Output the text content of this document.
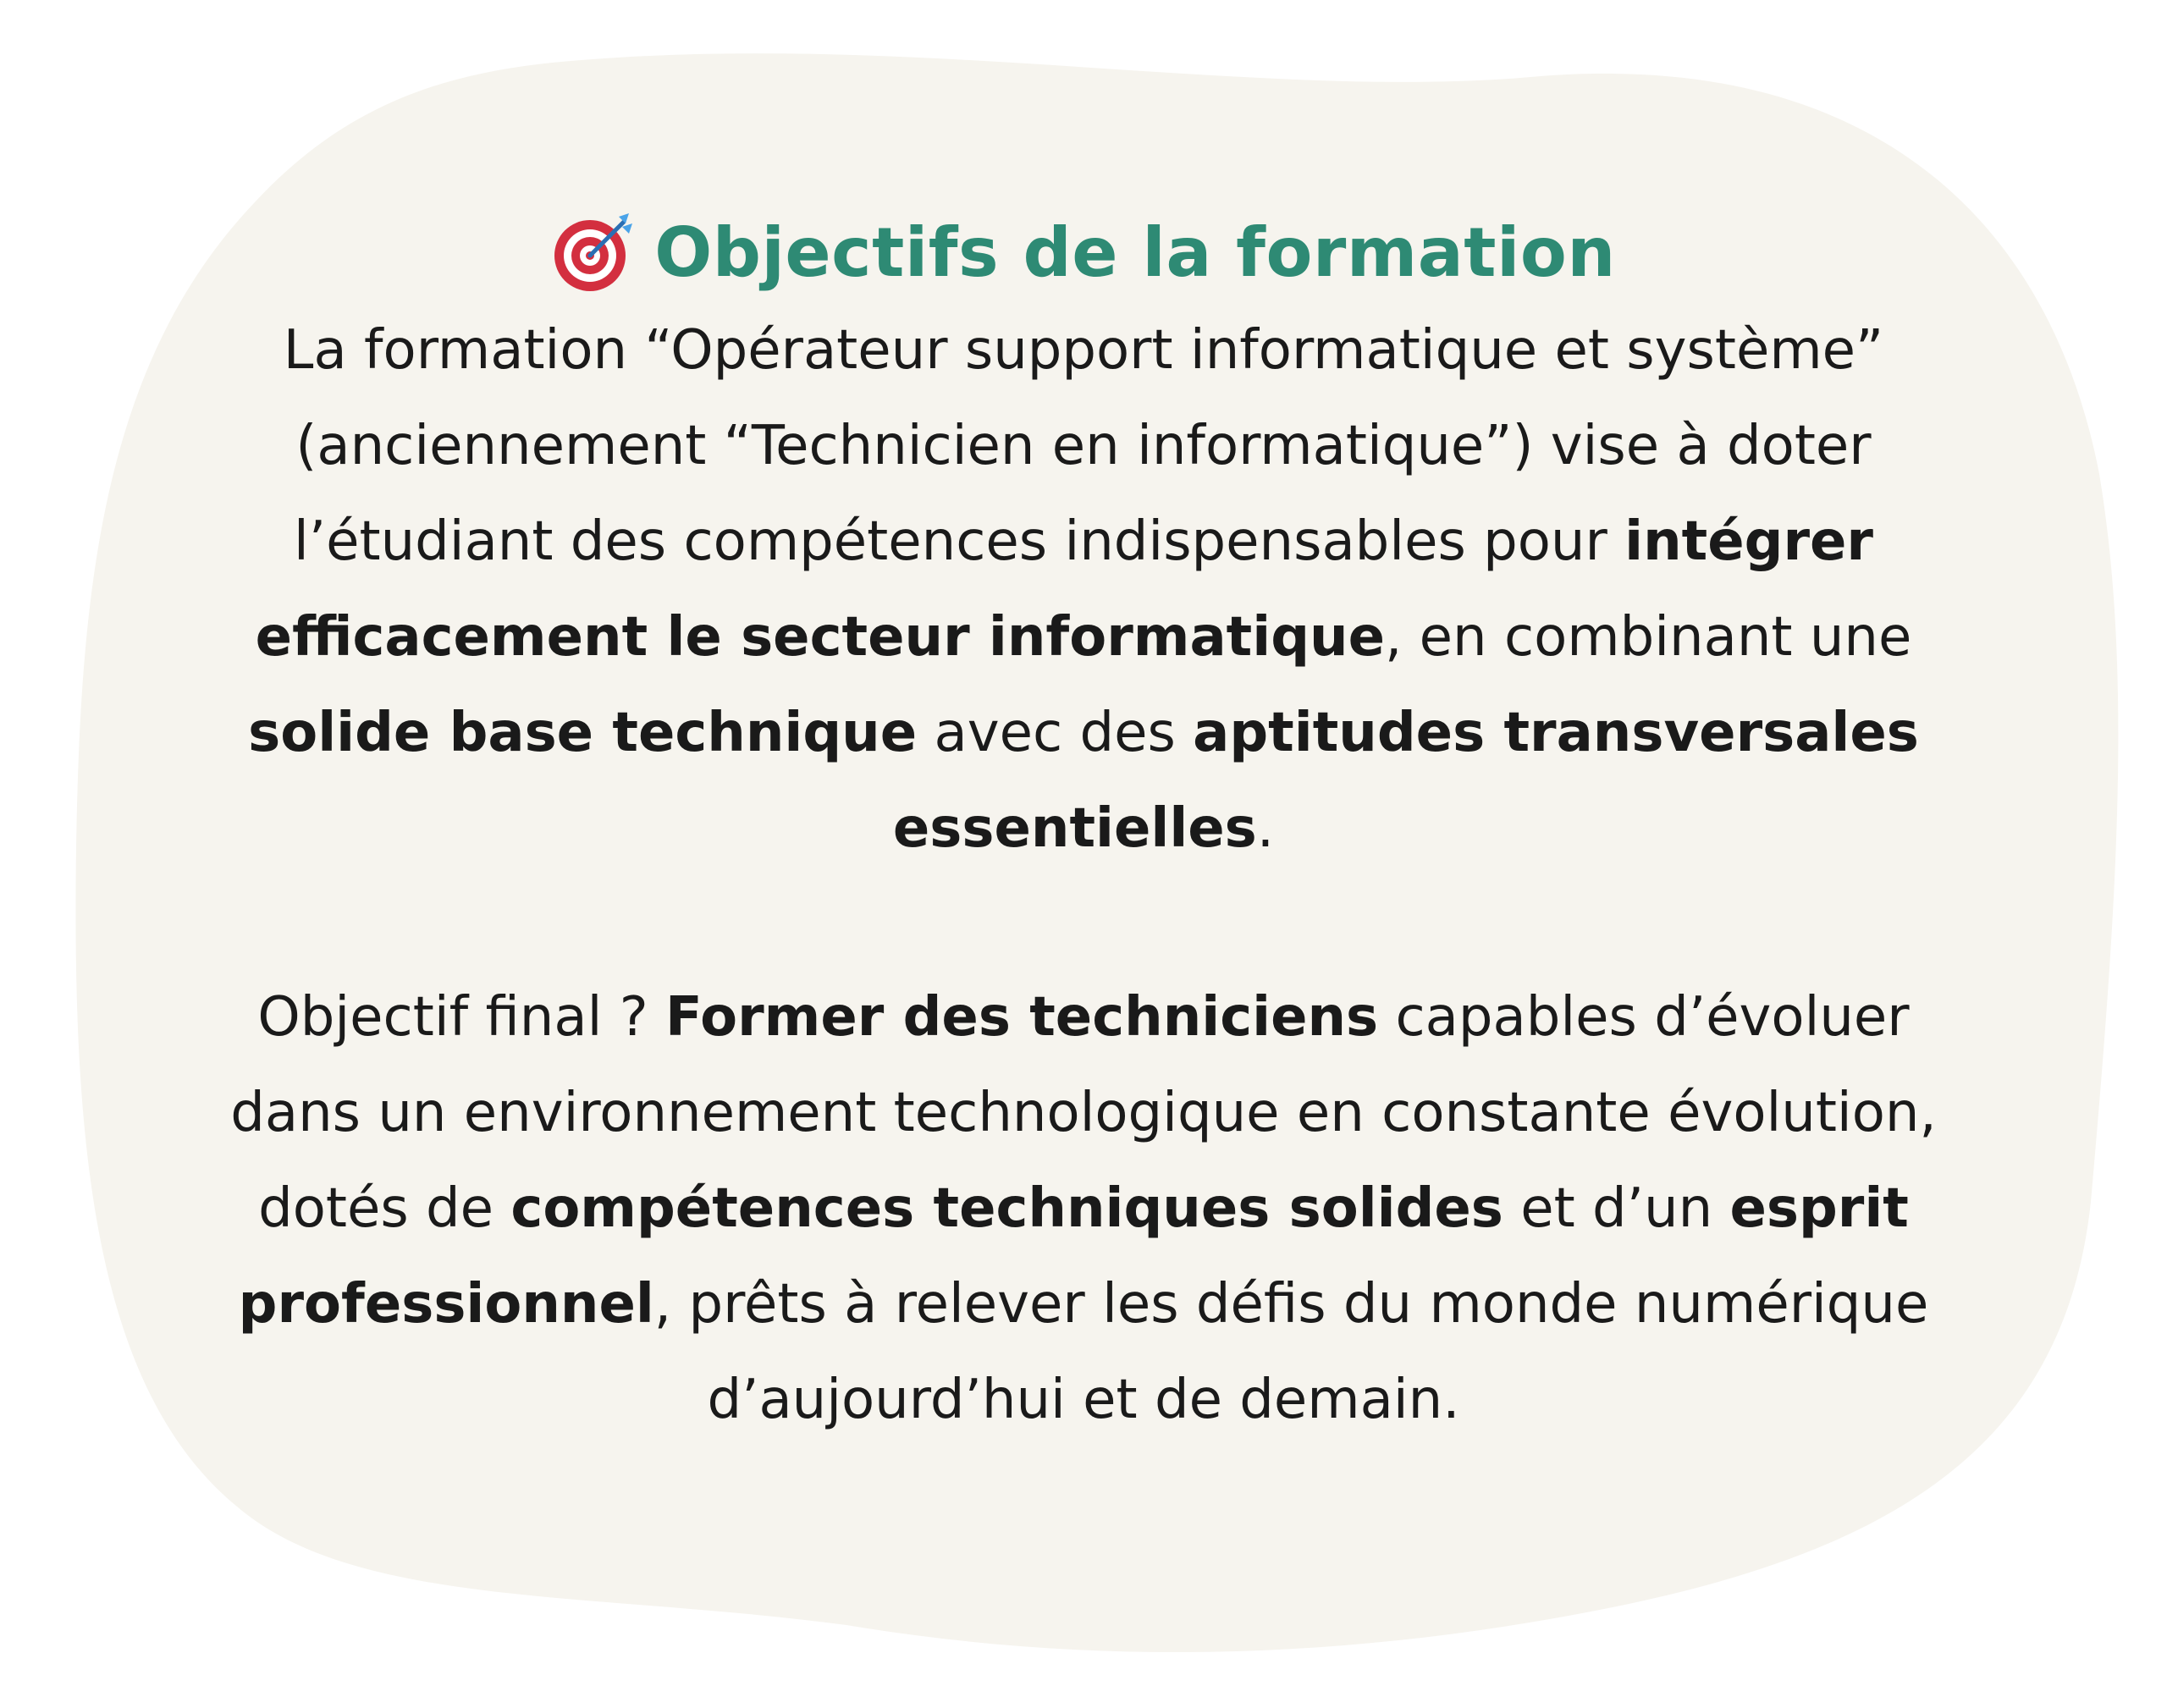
Objectifs de la formation

La formation “Opérateur support informatique et système” (anciennement “Technicien en informatique”) vise à doter l’étudiant des compétences indispensables pour intégrer efficacement le secteur informatique, en combinant une solide base technique avec des aptitudes transversales essentielles.

Objectif final ? Former des techniciens capables d’évoluer dans un environnement technologique en constante évolution, dotés de compétences techniques solides et d’un esprit professionnel, prêts à relever les défis du monde numérique d’aujourd’hui et de demain.
